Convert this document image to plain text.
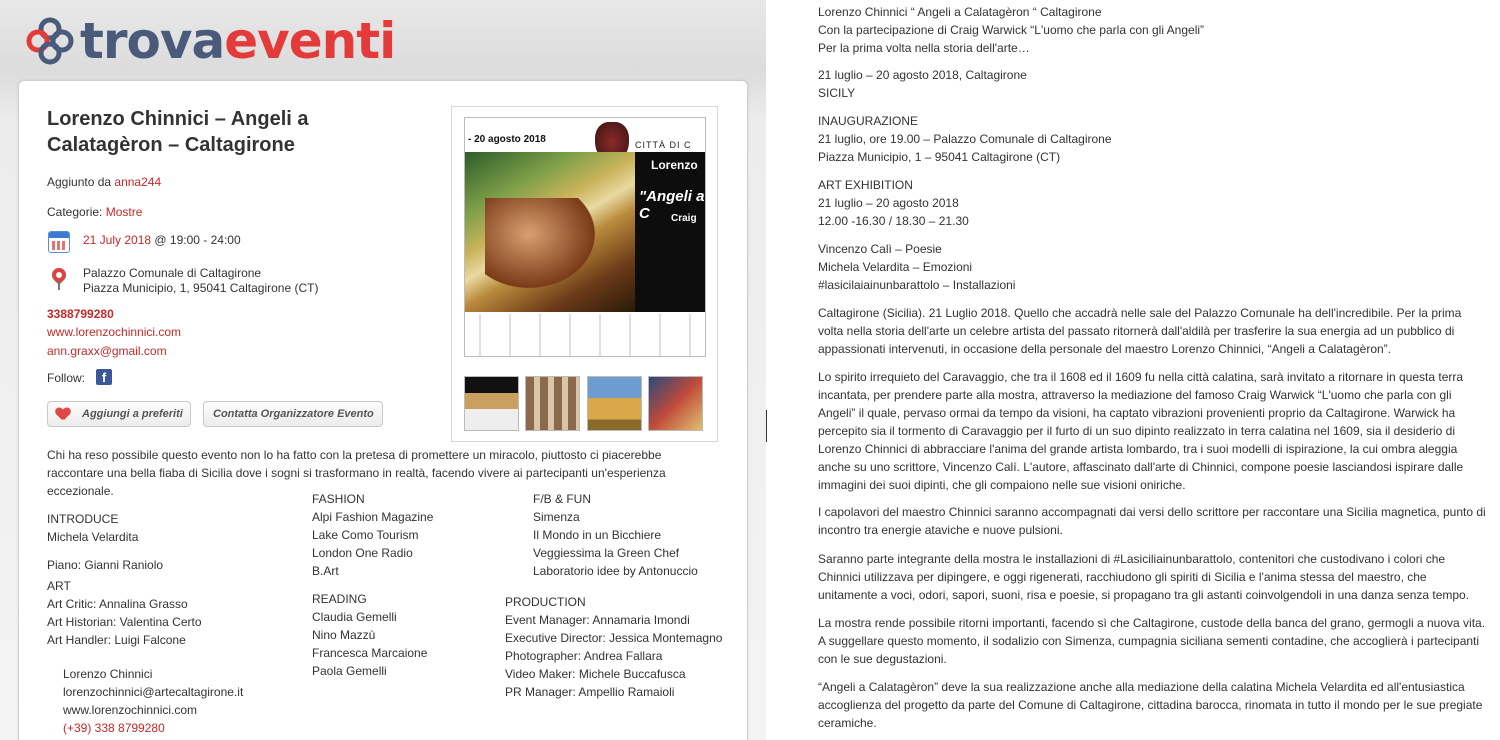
trovaeventi
Lorenzo Chinnici – Angeli a Calatagèron – Caltagirone
Aggiunto da anna244
Categorie: Mostre
21 July 2018 @ 19:00 - 24:00
Palazzo Comunale di Caltagirone
Piazza Municipio, 1, 95041 Caltagirone (CT)
3388799280
www.lorenzochinnici.com
ann.graxx@gmail.com
Follow:	f
Aggiungi a preferiti	Contatta Organizzatore Evento
- 20 agosto 2018	CITTÀ DI C
Lorenzo
"Angeli a C	Craig
Chi ha reso possibile questo evento non lo ha fatto con la pretesa di promettere un miracolo, piuttosto ci piacerebbe raccontare una bella fiaba di Sicilia dove i sogni si trasformano in realtà, facendo vivere ai partecipanti un'esperienza eccezionale.
INTRODUCE
Michela Velardita
Piano: Gianni Raniolo
ART
Art Critic: Annalina Grasso
Art Historian: Valentina Certo
Art Handler: Luigi Falcone
Lorenzo Chinnici
lorenzochinnici@artecaltagirone.it
www.lorenzochinnici.com
(+39) 338 8799280
FASHION
Alpi Fashion Magazine
Lake Como Tourism
London One Radio
B.Art
READING
Claudia Gemelli
Nino Mazzù
Francesca Marcaione
Paola Gemelli
F/B & FUN
Simenza
Il Mondo in un Bicchiere
Veggiessima la Green Chef
Laboratorio idee by Antonuccio
PRODUCTION
Event Manager: Annamaria Imondi
Executive Director: Jessica Montemagno
Photographer: Andrea Fallara
Video Maker: Michele Buccafusca
PR Manager: Ampellio Ramaioli
Lorenzo Chinnici “ Angeli a Calatagèron “ Caltagirone
Con la partecipazione di Craig Warwick “L'uomo che parla con gli Angeli”
Per la prima volta nella storia dell'arte…
21 luglio – 20 agosto 2018, Caltagirone
SICILY
INAUGURAZIONE
21 luglio, ore 19.00 – Palazzo Comunale di Caltagirone
Piazza Municipio, 1 – 95041 Caltagirone (CT)
ART EXHIBITION
21 luglio – 20 agosto 2018
12.00 -16.30 / 18.30 – 21.30
Vincenzo Calì – Poesie
Michela Velardita – Emozioni
#lasicilaiainunbarattolo – Installazioni
Caltagirone (Sicilia). 21 Luglio 2018. Quello che accadrà nelle sale del Palazzo Comunale ha dell'incredibile. Per la prima volta nella storia dell'arte un celebre artista del passato ritornerà dall'aldilà per trasferire la sua energia ad un pubblico di appassionati intervenuti, in occasione della personale del maestro Lorenzo Chinnici, “Angeli a Calatagèron”.
Lo spirito irrequieto del Caravaggio, che tra il 1608 ed il 1609 fu nella città calatina, sarà invitato a ritornare in questa terra incantata, per prendere parte alla mostra, attraverso la mediazione del famoso Craig Warwick “L'uomo che parla con gli Angeli” il quale, pervaso ormai da tempo da visioni, ha captato vibrazioni provenienti proprio da Caltagirone. Warwick ha percepito sia il tormento di Caravaggio per il furto di un suo dipinto realizzato in terra calatina nel 1609, sia il desiderio di Lorenzo Chinnici di abbracciare l'anima del grande artista lombardo, tra i suoi modelli di ispirazione, la cui ombra aleggia anche su uno scrittore, Vincenzo Calí. L'autore, affascinato dall'arte di Chinnici, compone poesie lasciandosi ispirare dalle immagini dei suoi dipinti, che gli compaiono nelle sue visioni oniriche.
I capolavori del maestro Chinnici saranno accompagnati dai versi dello scrittore per raccontare una Sicilia magnetica, punto di incontro tra energie ataviche e nuove pulsioni.
Saranno parte integrante della mostra le installazioni di #Lasiciliainunbarattolo, contenitori che custodivano i colori che Chinnici utilizzava per dipingere, e oggi rigenerati, racchiudono gli spiriti di Sicilia e l'anima stessa del maestro, che unitamente a voci, odori, sapori, suoni, risa e poesie, si propagano tra gli astanti coinvolgendoli in una danza senza tempo.
La mostra rende possibile ritorni importanti, facendo sì che Caltagirone, custode della banca del grano, germogli a nuova vita. A suggellare questo momento, il sodalizio con Simenza, cumpagnia siciliana sementi contadine, che accoglierà i partecipanti con le sue degustazioni.
“Angeli a Calatagèron” deve la sua realizzazione anche alla mediazione della calatina Michela Velardita ed all'entusiastica accoglienza del progetto da parte del Comune di Caltagirone, cittadina barocca, rinomata in tutto il mondo per le sue pregiate ceramiche.
